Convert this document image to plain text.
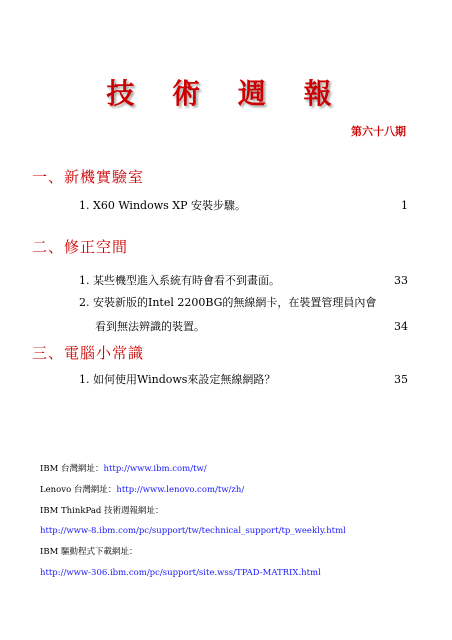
技 術 週 報
第六十八期
一、新機實驗室
1. X60 Windows XP 安裝步驟。	1
二、修正空間
1. 某些機型進入系統有時會看不到畫面。	33
2. 安裝新版的Intel 2200BG的無線網卡，在裝置管理員內會
看到無法辨識的裝置。	34
三、電腦小常識
1. 如何使用Windows來設定無線網路？	35
IBM 台灣網址：http://www.ibm.com/tw/
Lenovo 台灣網址：http://www.lenovo.com/tw/zh/
IBM ThinkPad 技術週報網址：
http://www-8.ibm.com/pc/support/tw/technical_support/tp_weekly.html
IBM 驅動程式下載網址：
http://www-306.ibm.com/pc/support/site.wss/TPAD-MATRIX.html
